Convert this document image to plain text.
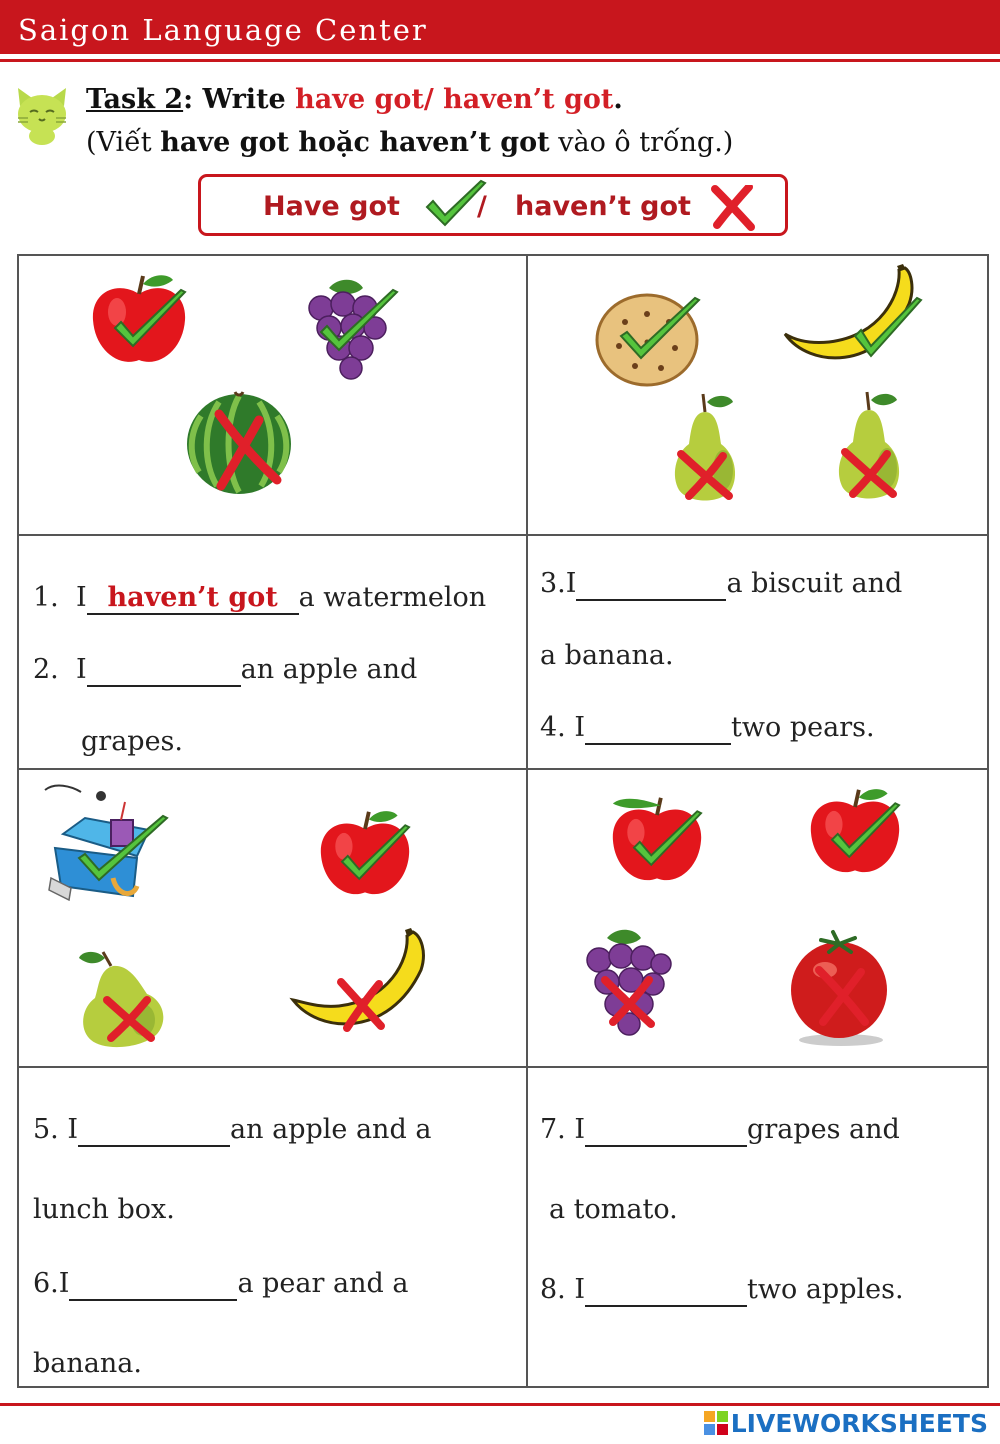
Saigon Language Center
Task 2: Write have got/ haven’t got.
(Viết have got hoặc haven’t got vào ô trống.)
Have got	/ haven’t got
1. I haven’t got a watermelon
2. I	an apple and
grapes.
3.I	a biscuit and
a banana.
4. I	two pears.
5. I	an apple and a
lunch box.
6.I	a pear and a
banana.
7. I	grapes and
a tomato.
8. I	two apples.
LIVEWORKSHEETS
